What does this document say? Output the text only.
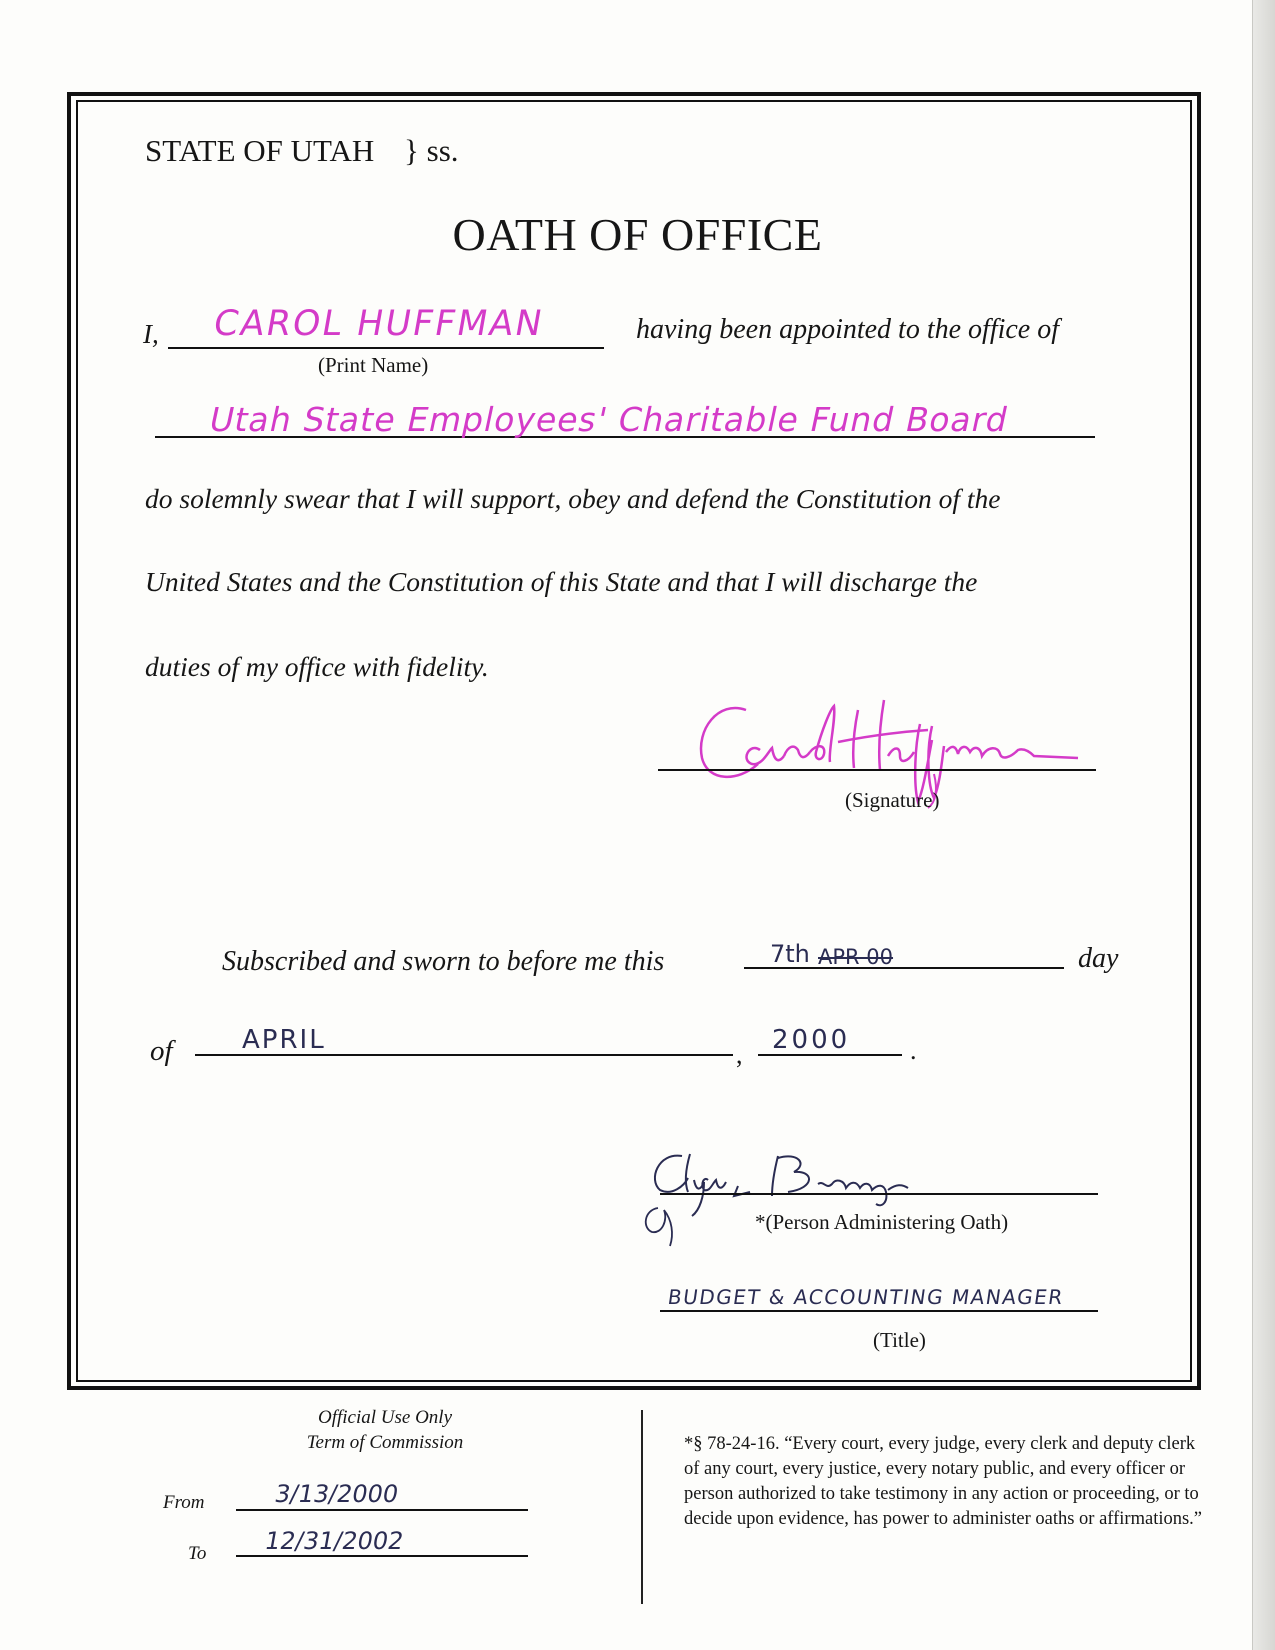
STATE OF UTAH } ss.
OATH OF OFFICE
I, CAROL HUFFMAN
(Print Name)
having been appointed to the office of
Utah State Employees' Charitable Fund Board
do solemnly swear that I will support, obey and defend the Constitution of the
United States and the Constitution of this State and that I will discharge the
duties of my office with fidelity.
(Signature)
Subscribed and sworn to before me this	7th APR 00	day
of	APRIL	, 2000 .
*(Person Administering Oath)
BUDGET & ACCOUNTING MANAGER
(Title)
Official Use Only
Term of Commission
From	3/13/2000
To 12/31/2002
*§ 78-24-16. “Every court, every judge, every clerk and deputy clerk of any court, every justice, every notary public, and every officer or person authorized to take testimony in any action or proceeding, or to decide upon evidence, has power to administer oaths or affirmations.”
